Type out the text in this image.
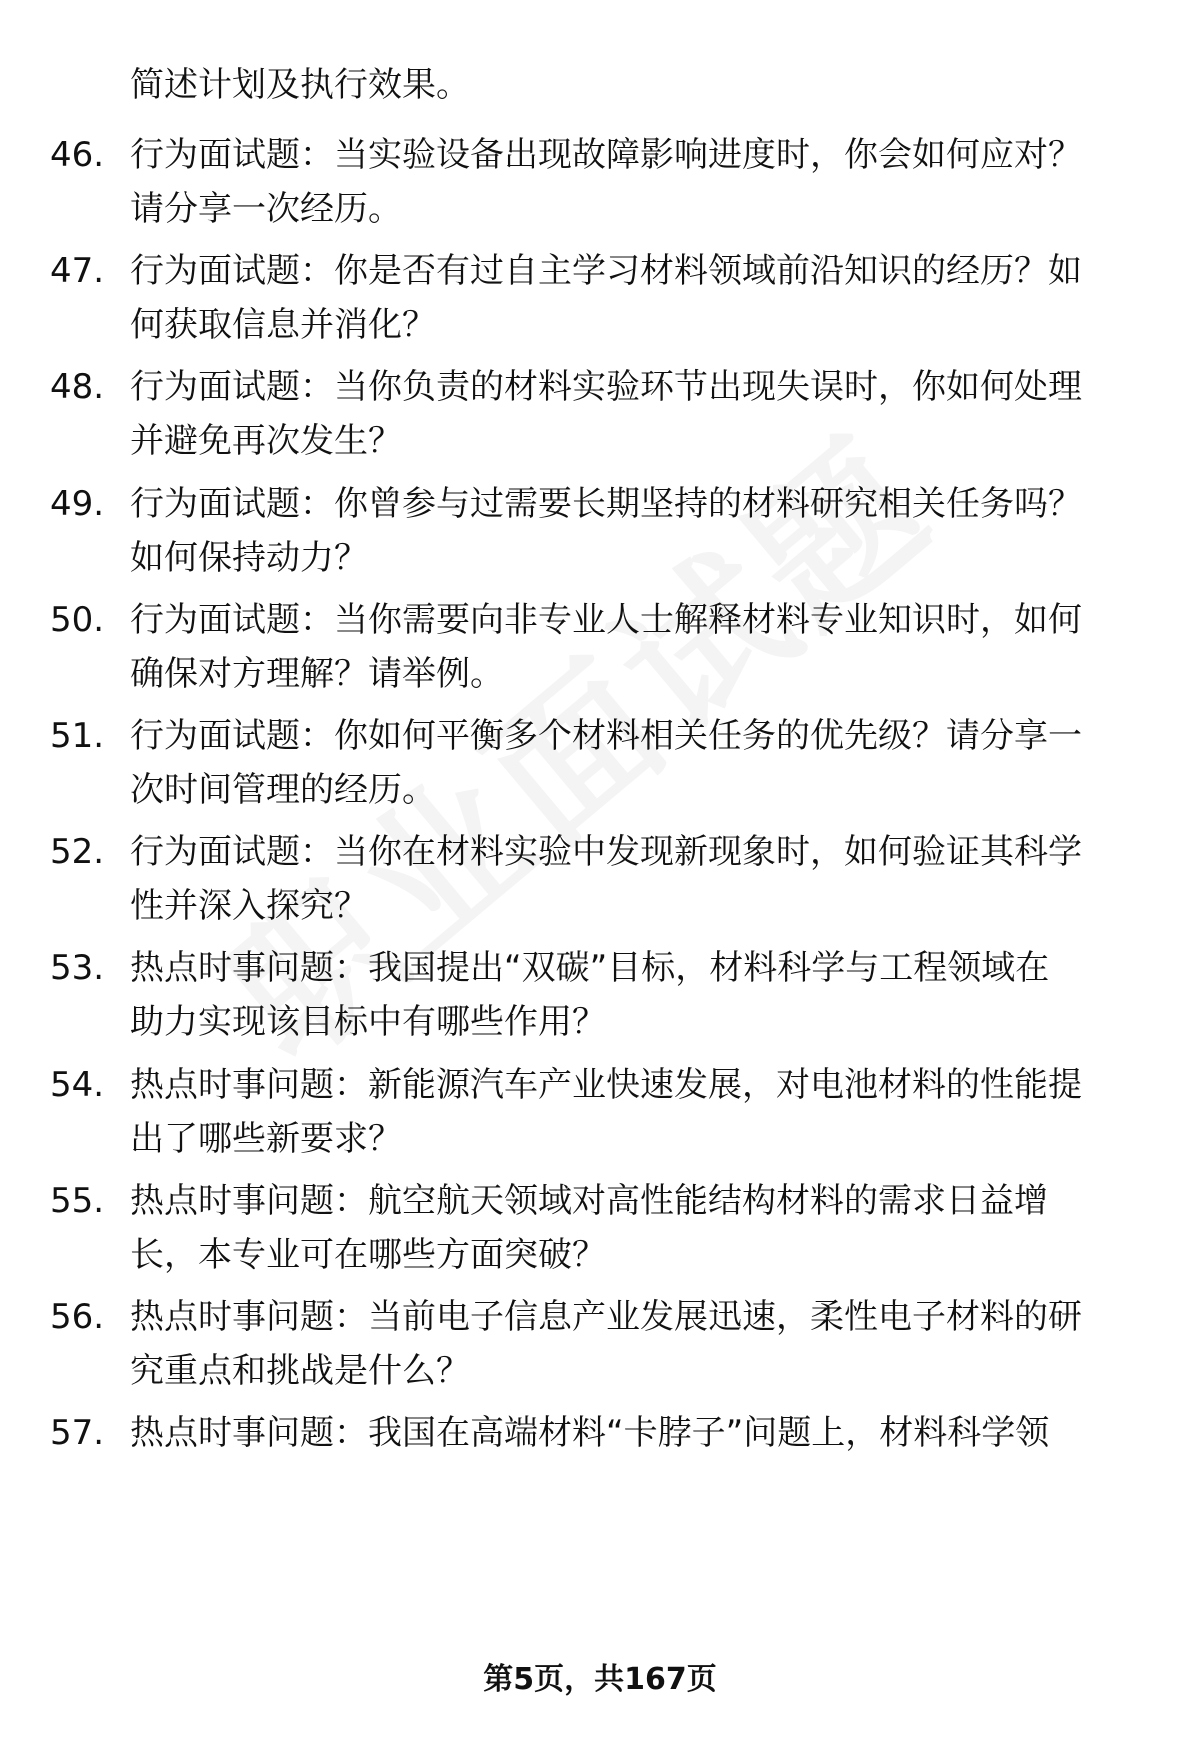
简述计划及执行效果。
46. 行为面试题：当实验设备出现故障影响进度时，你会如何应对？
请分享一次经历。
47. 行为面试题：你是否有过自主学习材料领域前沿知识的经历？如
何获取信息并消化？
48. 行为面试题：当你负责的材料实验环节出现失误时，你如何处理
并避免再次发生？
49. 行为面试题：你曾参与过需要长期坚持的材料研究相关任务吗？
如何保持动力？
50. 行为面试题：当你需要向非专业人士解释材料专业知识时，如何
确保对方理解？请举例。
51. 行为面试题：你如何平衡多个材料相关任务的优先级？请分享一
次时间管理的经历。
52. 行为面试题：当你在材料实验中发现新现象时，如何验证其科学
性并深入探究？
53. 热点时事问题：我国提出“双碳”目标，材料科学与工程领域在
助力实现该目标中有哪些作用？
54. 热点时事问题：新能源汽车产业快速发展，对电池材料的性能提
出了哪些新要求？
55. 热点时事问题：航空航天领域对高性能结构材料的需求日益增
长，本专业可在哪些方面突破？
56. 热点时事问题：当前电子信息产业发展迅速，柔性电子材料的研
究重点和挑战是什么？
57. 热点时事问题：我国在高端材料“卡脖子”问题上，材料科学领
第5页，共167页
